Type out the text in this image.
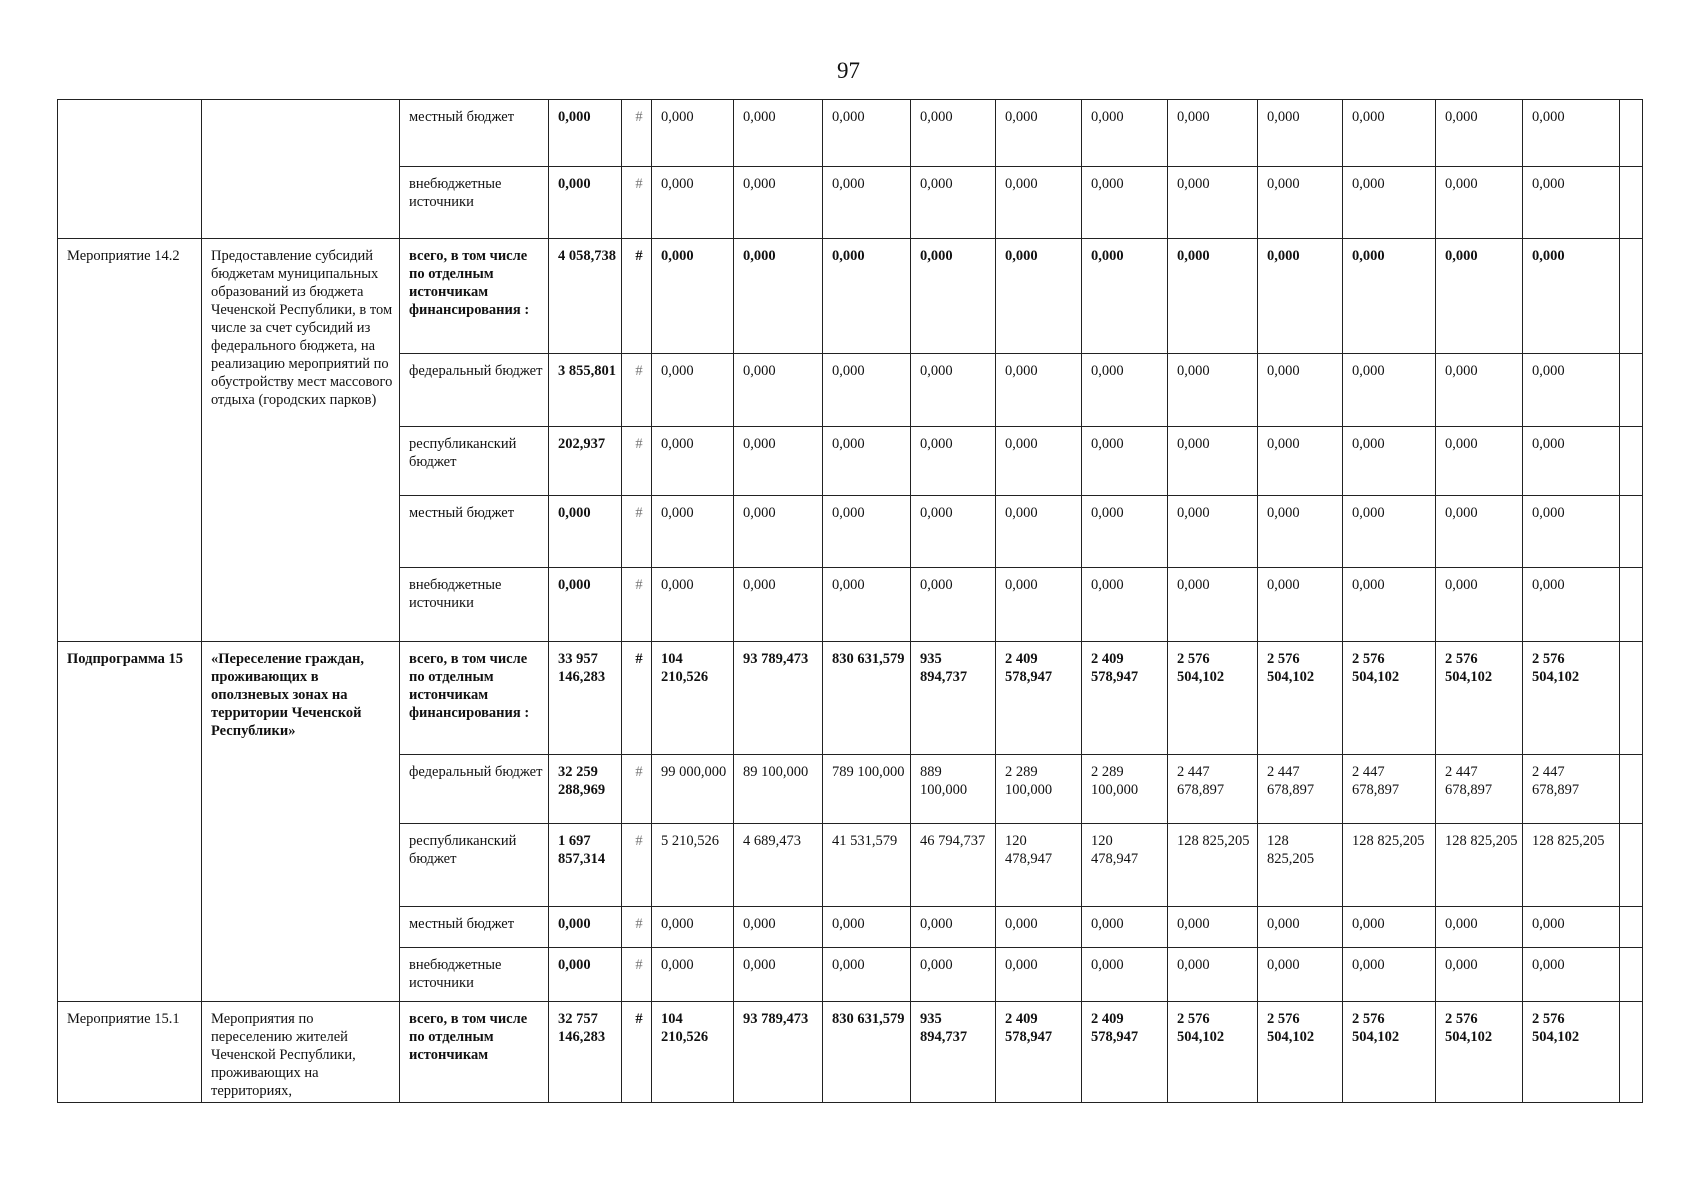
97
		местный бюджет	0,000	#	0,000	0,000	0,000	0,000	0,000	0,000	0,000	0,000	0,000	0,000	0,000	
		внебюджетные источники	0,000	#	0,000	0,000	0,000	0,000	0,000	0,000	0,000	0,000	0,000	0,000	0,000	
Мероприятие 14.2	Предоставление субсидий бюджетам муниципальных образований из бюджета Чеченской Республики, в том числе за счет субсидий из федерального бюджета, на реализацию мероприятий по обустройству мест массового отдыха (городских парков)	всего, в том числе по отделным истончикам финансирования :	4 058,738	#	0,000	0,000	0,000	0,000	0,000	0,000	0,000	0,000	0,000	0,000	0,000	
		федеральный бюджет	3 855,801	#	0,000	0,000	0,000	0,000	0,000	0,000	0,000	0,000	0,000	0,000	0,000	
		республиканский бюджет	202,937	#	0,000	0,000	0,000	0,000	0,000	0,000	0,000	0,000	0,000	0,000	0,000	
		местный бюджет	0,000	#	0,000	0,000	0,000	0,000	0,000	0,000	0,000	0,000	0,000	0,000	0,000	
		внебюджетные источники	0,000	#	0,000	0,000	0,000	0,000	0,000	0,000	0,000	0,000	0,000	0,000	0,000	
Подпрограмма 15	«Переселение граждан, проживающих в оползневых зонах на территории Чеченской Республики»	всего, в том числе по отделным истончикам финансирования :	33 957 146,283	#	104 210,526	93 789,473	830 631,579	935 894,737	2 409 578,947	2 409 578,947	2 576 504,102	2 576 504,102	2 576 504,102	2 576 504,102	2 576 504,102	
		федеральный бюджет	32 259 288,969	#	99 000,000	89 100,000	789 100,000	889 100,000	2 289 100,000	2 289 100,000	2 447 678,897	2 447 678,897	2 447 678,897	2 447 678,897	2 447 678,897	
		республиканский бюджет	1 697 857,314	#	5 210,526	4 689,473	41 531,579	46 794,737	120 478,947	120 478,947	128 825,205	128 825,205	128 825,205	128 825,205	128 825,205	
		местный бюджет	0,000	#	0,000	0,000	0,000	0,000	0,000	0,000	0,000	0,000	0,000	0,000	0,000	
		внебюджетные источники	0,000	#	0,000	0,000	0,000	0,000	0,000	0,000	0,000	0,000	0,000	0,000	0,000	
Мероприятие 15.1	Мероприятия по переселению жителей Чеченской Республики, проживающих на территориях,	всего, в том числе по отделным истончикам	32 757 146,283	#	104 210,526	93 789,473	830 631,579	935 894,737	2 409 578,947	2 409 578,947	2 576 504,102	2 576 504,102	2 576 504,102	2 576 504,102	2 576 504,102	
